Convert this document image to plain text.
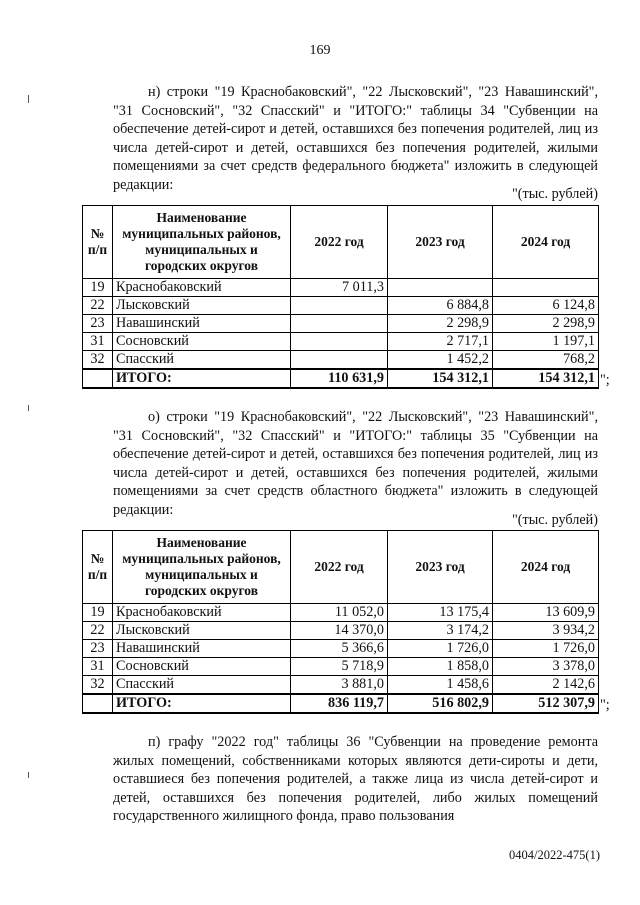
169
н) строки "19 Краснобаковский", "22 Лысковский", "23 Навашинский", "31 Сосновский", "32 Спасский" и "ИТОГО:" таблицы 34 "Субвенции на обеспечение детей-сирот и детей, оставшихся без попечения родителей, лиц из числа детей-сирот и детей, оставшихся без попечения родителей, жилыми помещениями за счет средств федерального бюджета" изложить в следующей редакции:
"(тыс. рублей)
№ п/п	Наименование муниципальных районов, муниципальных и городских округов	2022 год	2023 год	2024 год
19	Краснобаковский	7 011,3		
22	Лысковский		6 884,8	6 124,8
23	Навашинский		2 298,9	2 298,9
31	Сосновский		2 717,1	1 197,1
32	Спасский		1 452,2	768,2
	ИТОГО:	110 631,9	154 312,1	154 312,1 ";
о) строки "19 Краснобаковский", "22 Лысковский", "23 Навашинский", "31 Сосновский", "32 Спасский" и "ИТОГО:" таблицы 35 "Субвенции на обеспечение детей-сирот и детей, оставшихся без попечения родителей, лиц из числа детей-сирот и детей, оставшихся без попечения родителей, жилыми помещениями за счет средств областного бюджета" изложить в следующей редакции:
"(тыс. рублей)
№ п/п	Наименование муниципальных районов, муниципальных и городских округов	2022 год	2023 год	2024 год
19	Краснобаковский	11 052,0	13 175,4	13 609,9
22	Лысковский	14 370,0	3 174,2	3 934,2
23	Навашинский	5 366,6	1 726,0	1 726,0
31	Сосновский	5 718,9	1 858,0	3 378,0
32	Спасский	3 881,0	1 458,6	2 142,6
	ИТОГО:	836 119,7	516 802,9	512 307,9 ";
п) графу "2022 год" таблицы 36 "Субвенции на проведение ремонта жилых помещений, собственниками которых являются дети-сироты и дети, оставшиеся без попечения родителей, а также лица из числа детей-сирот и детей, оставшихся без попечения родителей, либо жилых помещений государственного жилищного фонда, право пользования
0404/2022-475(1)
